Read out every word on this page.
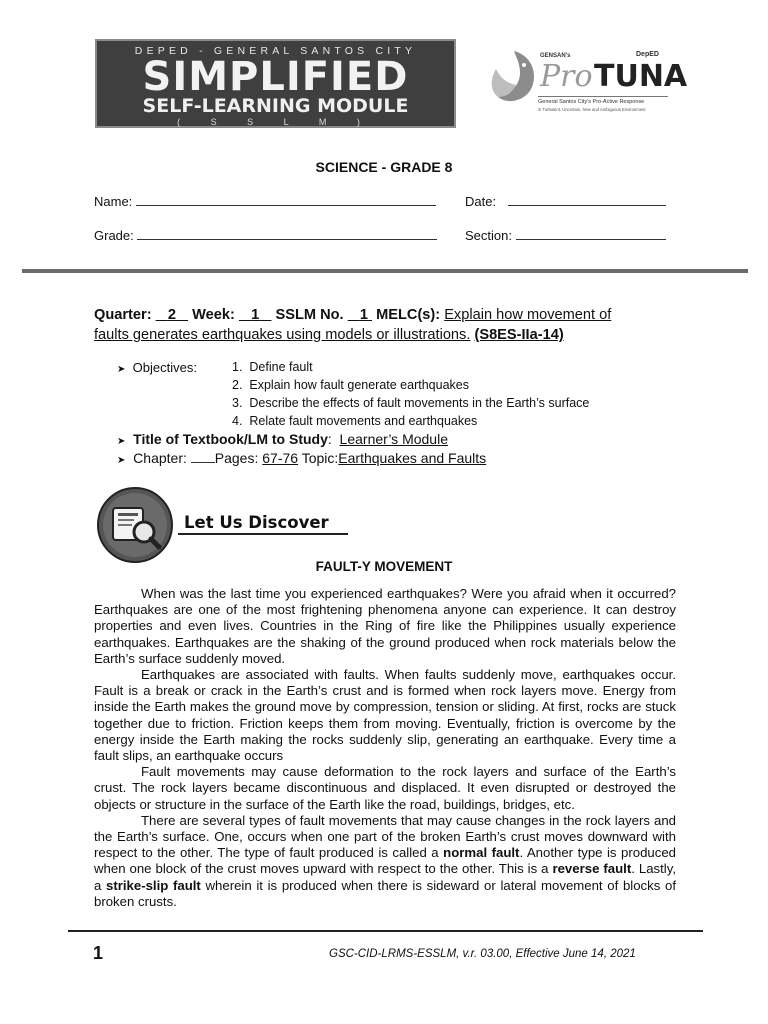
DEPED - GENERAL SANTOS CITY
SIMPLIFIED
SELF-LEARNING MODULE
( S S L M )
GENSAN's
Pro TUNA
DepED
General Santos City's Pro-Active Response
in Turbulent, Uncertain, New and Ambiguous Environment
SCIENCE - GRADE 8
Name:	Date:
Grade:	Section:
Quarter: 2 Week: 1 SSLM No. 1 MELC(s): Explain how movement of
faults generates earthquakes using models or illustrations. (S8ES-IIa-14)
➤ Objectives:	1. Define fault
2. Explain how fault generate earthquakes
3. Describe the effects of fault movements in the Earth’s surface
4. Relate fault movements and earthquakes
➤ Title of Textbook/LM to Study:  Learner’s Module
➤ Chapter: Pages: 67-76 Topic:Earthquakes and Faults
Let Us Discover
FAULT-Y MOVEMENT

When was the last time you experienced earthquakes? Were you afraid when it occurred? Earthquakes are one of the most frightening phenomena anyone can experience. It can destroy properties and even lives. Countries in the Ring of fire like the Philippines usually experience earthquakes. Earthquakes are the shaking of the ground produced when rock materials below the Earth’s surface suddenly moved.

Earthquakes are associated with faults. When faults suddenly move, earthquakes occur. Fault is a break or crack in the Earth’s crust and is formed when rock layers move. Energy from inside the Earth makes the ground move by compression, tension or sliding. At first, rocks are stuck together due to friction. Friction keeps them from moving. Eventually, friction is overcome by the energy inside the Earth making the rocks suddenly slip, generating an earthquake. Every time a fault slips, an earthquake occurs

Fault movements may cause deformation to the rock layers and surface of the Earth’s crust. The rock layers became discontinuous and displaced. It even disrupted or destroyed the objects or structure in the surface of the Earth like the road, buildings, bridges, etc.

There are several types of fault movements that may cause changes in the rock layers and the Earth’s surface. One, occurs when one part of the broken Earth’s crust moves downward with respect to the other. The type of fault produced is called a normal fault. Another type is produced when one block of the crust moves upward with respect to the other. This is a reverse fault. Lastly, a strike-slip fault wherein it is produced when there is sideward or lateral movement of blocks of broken crusts.

1	GSC-CID-LRMS-ESSLM, v.r. 03.00, Effective June 14, 2021
